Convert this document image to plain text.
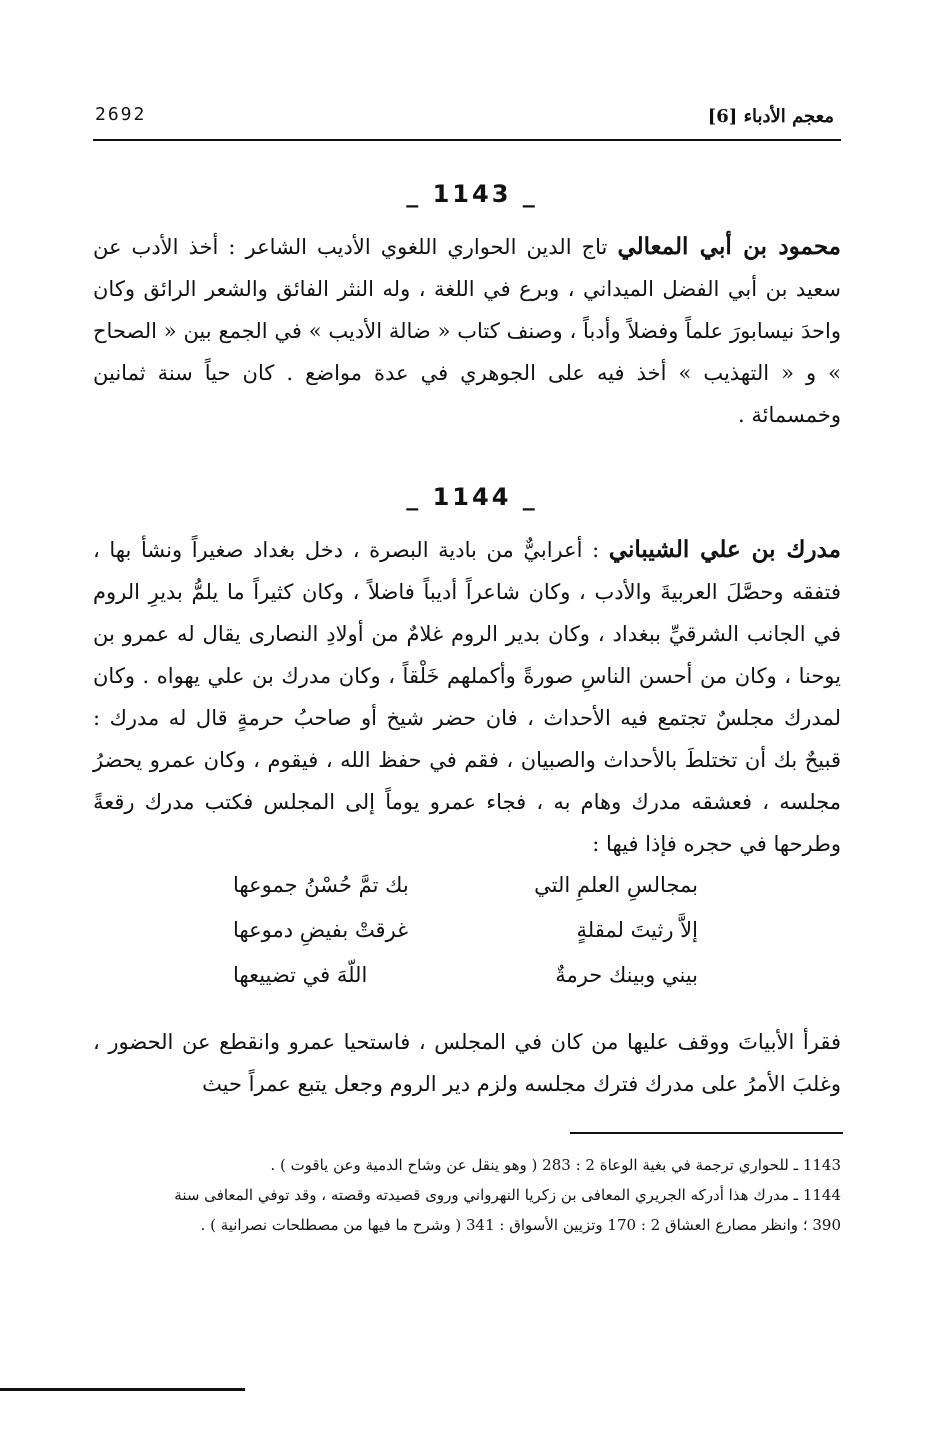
معجم الأدباء [6]
2692
_ 1143 _
محمود بن أبي المعالي تاج الدين الحواري اللغوي الأديب الشاعر : أخذ الأدب عن سعيد بن أبي الفضل الميداني ، وبرع في اللغة ، وله النثر الفائق والشعر الرائق وكان واحدَ نيسابورَ علماً وفضلاً وأدباً ، وصنف كتاب « ضالة الأديب » في الجمع بين « الصحاح » و « التهذيب » أخذ فيه على الجوهري في عدة مواضع . كان حياً سنة ثمانين وخمسمائة .
_ 1144 _
مدرك بن علي الشيباني : أعرابيٌّ من بادية البصرة ، دخل بغداد صغيراً ونشأ بها ، فتفقه وحصَّلَ العربيةَ والأدب ، وكان شاعراً أديباً فاضلاً ، وكان كثيراً ما يلمُّ بديرِ الروم في الجانب الشرقيِّ ببغداد ، وكان بدير الروم غلامٌ من أولادِ النصارى يقال له عمرو بن يوحنا ، وكان من أحسن الناسِ صورةً وأكملهم خَلْقاً ، وكان مدرك بن علي يهواه . وكان لمدرك مجلسٌ تجتمع فيه الأحداث ، فان حضر شيخ أو صاحبُ حرمةٍ قال له مدرك : قبيحٌ بك أن تختلطَ بالأحداث والصبيان ، فقم في حفظ الله ، فيقوم ، وكان عمرو يحضرُ مجلسه ، فعشقه مدرك وهام به ، فجاء عمرو يوماً إلى المجلس فكتب مدرك رقعةً وطرحها في حجره فإذا فيها :
بمجالسِ العلمِ التي
بك تمَّ حُسْنُ جموعها
إلاَّ رثيتَ لمقلةٍ
غرقتْ بفيضِ دموعها
بيني وبينك حرمةٌ
اللّهَ في تضييعها
فقرأ الأبياتَ ووقف عليها من كان في المجلس ، فاستحيا عمرو وانقطع عن الحضور ، وغلبَ الأمرُ على مدرك فترك مجلسه ولزم دير الروم وجعل يتبع عمراً حيث
1143 ـ للحواري ترجمة في بغية الوعاة 2 : 283 ( وهو ينقل عن وشاح الدمية وعن ياقوت ) .
1144 ـ مدرك هذا أدركه الجريري المعافى بن زكريا النهرواني وروى قصيدته وقصته ، وقد توفي المعافى سنة
390 ؛ وانظر مصارع العشاق 2 : 170 وتزيين الأسواق : 341 ( وشرح ما فيها من مصطلحات نصرانية ) .
